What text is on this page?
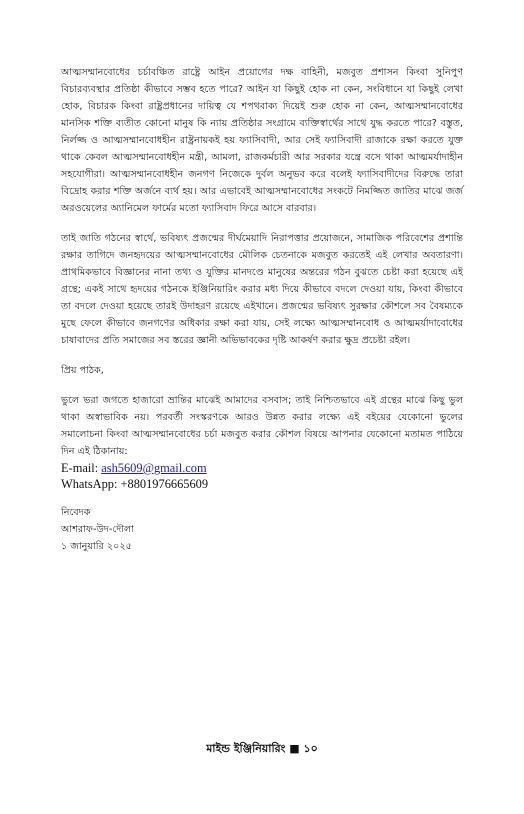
আত্মসম্মানবোধের চর্চাবঞ্চিত রাষ্ট্রে আইন প্রয়োগের দক্ষ বাহিনী, মজবুত প্রশাসন কিংবা সুনিপুণ বিচারব্যবস্থার প্রতিষ্ঠা কীভাবে সম্ভব হতে পারে? আইন যা কিছুই হোক না কেন, সংবিধানে যা কিছুই লেখা হোক, বিচারক কিংবা রাষ্ট্রপ্রধানের দায়িত্ব যে শপথবাক্য দিয়েই শুরু হোক না কেন, আত্মসম্মানবোধের মানসিক শক্তি ব্যতীত কোনো মানুষ কি ন্যায় প্রতিষ্ঠার সংগ্রামে ব্যক্তিস্বার্থের সাথে যুদ্ধ করতে পারে? বস্তুত, নির্লজ্জ ও আত্মসম্মানবোধহীন রাষ্ট্রনায়কই হয় ফ্যাসিবাদী, আর সেই ফ্যাসিবাদী রাজাকে রক্ষা করতে যুক্ত থাকে কেবল আত্মসম্মানবোধহীন মন্ত্রী, আমলা, রাজকর্মচারী আর সরকার যন্ত্রে বসে থাকা আত্মমর্যাদাহীন সহযোগীরা। আত্মসম্মানবোধহীন জনগণ নিজেকে দুর্বল অনুভব করে বলেই ফ্যাসিবাদীদের বিরুদ্ধে তারা বিদ্রোহ করার শক্তি অর্জনে ব্যর্থ হয়। আর এভাবেই আত্মসম্মানবোধের সংকটে নিমজ্জিত জাতির মাঝে জর্জ অরওয়েলের অ্যানিমেল ফার্মের মতো ফ্যাসিবাদ ফিরে আসে বারবার।

তাই জাতি গঠনের স্বার্থে, ভবিষ্যৎ প্রজন্মের দীর্ঘমেয়াদি নিরাপত্তার প্রয়োজনে, সামাজিক পরিবেশের প্রশান্তি রক্ষার তাগিদে জনহৃদয়ের আত্মসম্মানবোধের মৌলিক চেতনাকে মজবুত করতেই এই লেখার অবতারণা। প্রাথমিকভাবে বিজ্ঞানের নানা তথ্য ও যুক্তির মানদণ্ডে মানুষের অন্তরের গঠন বুঝতে চেষ্টা করা হয়েছে এই গ্রন্থে; একই সাথে হৃদয়ের গঠনকে ইঞ্জিনিয়ারিং করার মধ্য দিয়ে কীভাবে বদলে দেওয়া যায়, কিংবা কীভাবে তা বদলে দেওয়া হয়েছে তারই উদাহরণ রয়েছে এইখানে। প্রজন্মের ভবিষ্যৎ সুরক্ষার কৌশলে সব বৈষম্যকে মুছে ফেলে কীভাবে জনগণের অধিকার রক্ষা করা যায়, সেই লক্ষ্যে আত্মসম্মানবোধ ও আত্মমর্যাদাবোধের চাষাবাদের প্রতি সমাজের সব স্তরের জ্ঞানী অভিভাবকের দৃষ্টি আকর্ষণ করার ক্ষুদ্র প্রচেষ্টা রইল।

প্রিয় পাঠক,

ভুলে ভরা জগতে হাজারো ভ্রান্তির মাঝেই আমাদের বসবাস; তাই নিশ্চিতভাবে এই গ্রন্থের মাঝে কিছু ভুল থাকা অস্বাভাবিক নয়। পরবর্তী সংস্করণকে আরও উন্নত করার লক্ষ্যে এই বইয়ের যেকোনো ভুলের সমালোচনা কিংবা আত্মসম্মানবোধের চর্চা মজবুত করার কৌশল বিষয়ে আপনার যেকোনো মতামত পাঠিয়ে দিন এই ঠিকানায়:

E-mail: ash5609@gmail.com

WhatsApp: +8801976665609

নিবেদক

আশরাফ-উদ-দৌলা

১ জানুয়ারি ২০২৫

মাইন্ড ইঞ্জিনিয়ারিং ■ ১০
